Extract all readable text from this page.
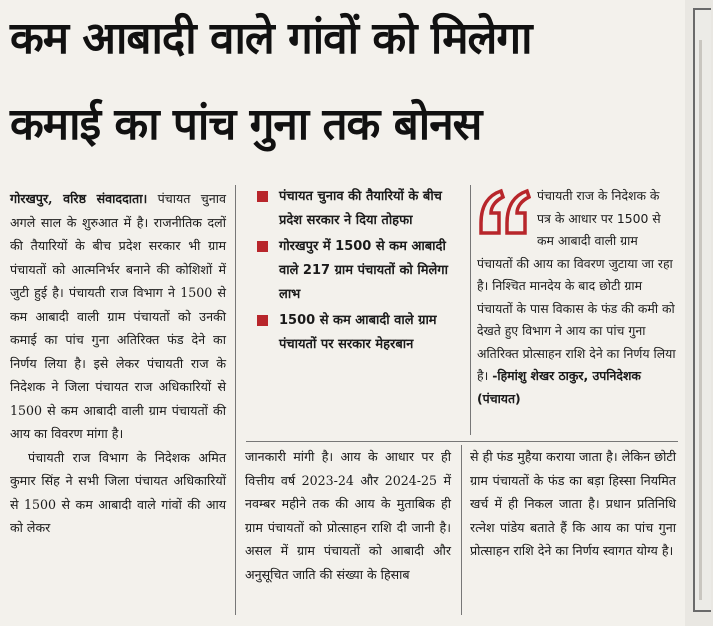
कम आबादी वाले गांवों को मिलेगा
कमाई का पांच गुना तक बोनस

गोरखपुर, वरिष्ठ संवाददाता। पंचायत चुनाव अगले साल के शुरुआत में है। राजनीतिक दलों की तैयारियों के बीच प्रदेश सरकार भी ग्राम पंचायतों को आत्मनिर्भर बनाने की कोशिशों में जुटी हुई है। पंचायती राज विभाग ने 1500 से कम आबादी वाली ग्राम पंचायतों को उनकी कमाई का पांच गुना अतिरिक्त फंड देने का निर्णय लिया है। इसे लेकर पंचायती राज के निदेशक ने जिला पंचायत राज अधिकारियों से 1500 से कम आबादी वाली ग्राम पंचायतों की आय का विवरण मांगा है।

पंचायती राज विभाग के निदेशक अमित कुमार सिंह ने सभी जिला पंचायत अधिकारियों से 1500 से कम आबादी वाले गांवों की आय को लेकर

पंचायत चुनाव की तैयारियों के बीच प्रदेश सरकार ने दिया तोहफा
गोरखपुर में 1500 से कम आबादी वाले 217 ग्राम पंचायतों को मिलेगा लाभ
1500 से कम आबादी वाले ग्राम पंचायतों पर सरकार मेहरबान
पंचायती राज के निदेशक के पत्र के आधार पर 1500 से कम आबादी वाली ग्राम पंचायतों की आय का विवरण जुटाया जा रहा है। निश्चित मानदेय के बाद छोटी ग्राम पंचायतों के पास विकास के फंड की कमी को देखते हुए विभाग ने आय का पांच गुना अतिरिक्त प्रोत्साहन राशि देने का निर्णय लिया है। -हिमांशु शेखर ठाकुर, उपनिदेशक (पंचायत)

जानकारी मांगी है। आय के आधार पर ही वित्तीय वर्ष 2023-24 और 2024-25 में नवम्बर महीने तक की आय के मुताबिक ही ग्राम पंचायतों को प्रोत्साहन राशि दी जानी है। असल में ग्राम पंचायतों को आबादी और अनुसूचित जाति की संख्या के हिसाब

से ही फंड मुहैया कराया जाता है। लेकिन छोटी ग्राम पंचायतों के फंड का बड़ा हिस्सा नियमित खर्च में ही निकल जाता है। प्रधान प्रतिनिधि रत्नेश पांडेय बताते हैं कि आय का पांच गुना प्रोत्साहन राशि देने का निर्णय स्वागत योग्य है।
